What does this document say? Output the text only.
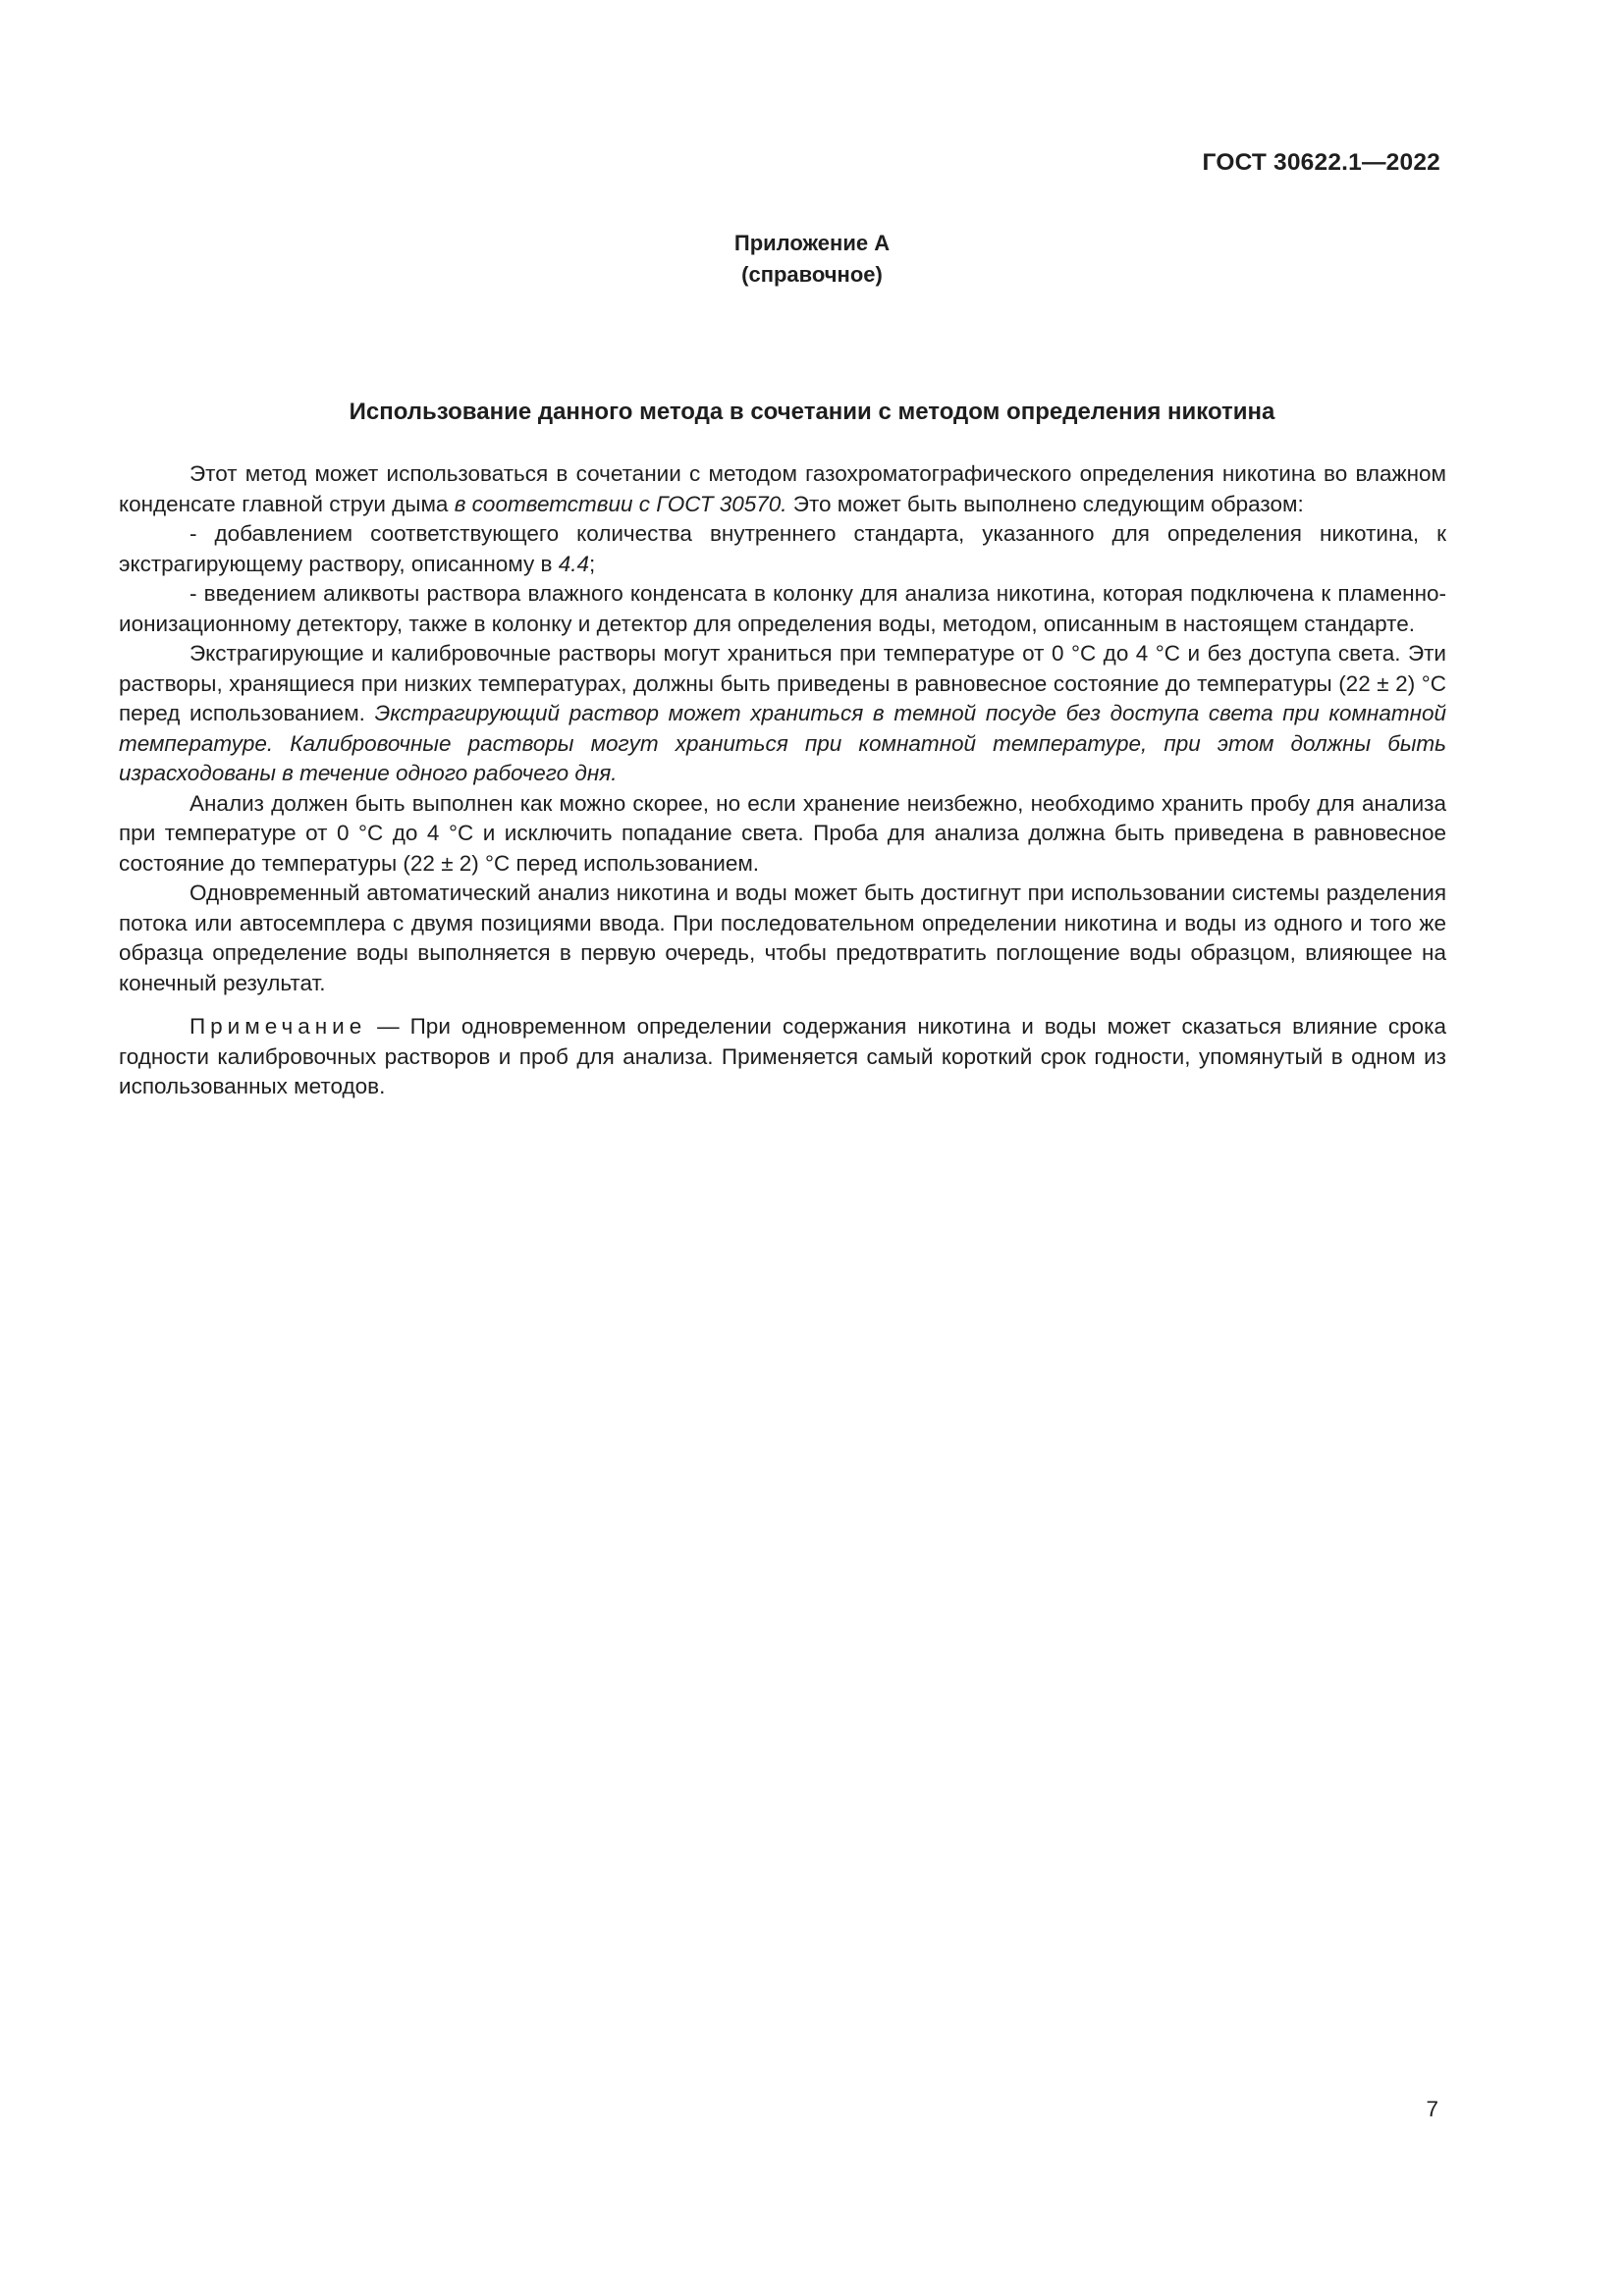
ГОСТ 30622.1—2022
Приложение А
(справочное)
Использование данного метода в сочетании с методом определения никотина

Этот метод может использоваться в сочетании с методом газохроматографического определения никотина во влажном конденсате главной струи дыма в соответствии с ГОСТ 30570. Это может быть выполнено следующим образом:

- добавлением соответствующего количества внутреннего стандарта, указанного для определения никотина, к экстрагирующему раствору, описанному в 4.4;

- введением аликвоты раствора влажного конденсата в колонку для анализа никотина, которая подключена к пламенно-ионизационному детектору, также в колонку и детектор для определения воды, методом, описанным в настоящем стандарте.

Экстрагирующие и калибровочные растворы могут храниться при температуре от 0 °С до 4 °С и без доступа света. Эти растворы, хранящиеся при низких температурах, должны быть приведены в равновесное состояние до температуры (22 ± 2) °С перед использованием. Экстрагирующий раствор может храниться в темной посуде без доступа света при комнатной температуре. Калибровочные растворы могут храниться при комнатной температуре, при этом должны быть израсходованы в течение одного рабочего дня.

Анализ должен быть выполнен как можно скорее, но если хранение неизбежно, необходимо хранить пробу для анализа при температуре от 0 °С до 4 °С и исключить попадание света. Проба для анализа должна быть приведена в равновесное состояние до температуры (22 ± 2) °С перед использованием.

Одновременный автоматический анализ никотина и воды может быть достигнут при использовании системы разделения потока или автосемплера с двумя позициями ввода. При последовательном определении никотина и воды из одного и того же образца определение воды выполняется в первую очередь, чтобы предотвратить поглощение воды образцом, влияющее на конечный результат.

Примечание — При одновременном определении содержания никотина и воды может сказаться влияние срока годности калибровочных растворов и проб для анализа. Применяется самый короткий срок годности, упомянутый в одном из использованных методов.

7
